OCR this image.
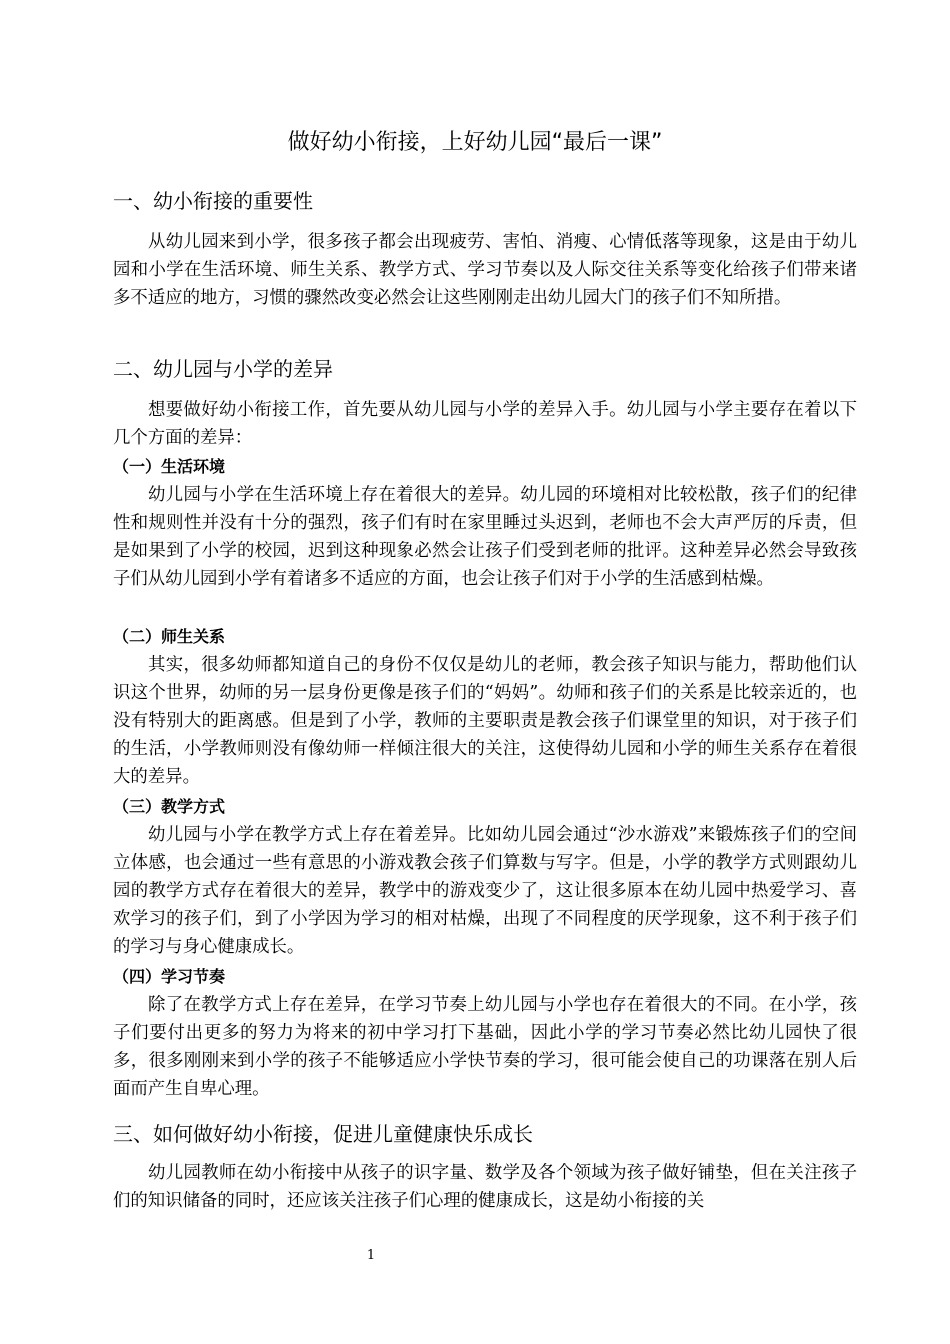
做好幼小衔接，上好幼儿园“最后一课”
一、幼小衔接的重要性

从幼儿园来到小学，很多孩子都会出现疲劳、害怕、消瘦、心情低落等现象，这是由于幼儿园和小学在生活环境、师生关系、教学方式、学习节奏以及人际交往关系等变化给孩子们带来诸多不适应的地方，习惯的骤然改变必然会让这些刚刚走出幼儿园大门的孩子们不知所措。

二、幼儿园与小学的差异

想要做好幼小衔接工作，首先要从幼儿园与小学的差异入手。幼儿园与小学主要存在着以下几个方面的差异：

（一）生活环境

幼儿园与小学在生活环境上存在着很大的差异。幼儿园的环境相对比较松散，孩子们的纪律性和规则性并没有十分的强烈，孩子们有时在家里睡过头迟到，老师也不会大声严厉的斥责，但是如果到了小学的校园，迟到这种现象必然会让孩子们受到老师的批评。这种差异必然会导致孩子们从幼儿园到小学有着诸多不适应的方面，也会让孩子们对于小学的生活感到枯燥。

（二）师生关系

其实，很多幼师都知道自己的身份不仅仅是幼儿的老师，教会孩子知识与能力，帮助他们认识这个世界，幼师的另一层身份更像是孩子们的“妈妈”。幼师和孩子们的关系是比较亲近的，也没有特别大的距离感。但是到了小学，教师的主要职责是教会孩子们课堂里的知识，对于孩子们的生活，小学教师则没有像幼师一样倾注很大的关注，这使得幼儿园和小学的师生关系存在着很大的差异。

（三）教学方式

幼儿园与小学在教学方式上存在着差异。比如幼儿园会通过“沙水游戏”来锻炼孩子们的空间立体感，也会通过一些有意思的小游戏教会孩子们算数与写字。但是，小学的教学方式则跟幼儿园的教学方式存在着很大的差异，教学中的游戏变少了，这让很多原本在幼儿园中热爱学习、喜欢学习的孩子们，到了小学因为学习的相对枯燥，出现了不同程度的厌学现象，这不利于孩子们的学习与身心健康成长。

（四）学习节奏

除了在教学方式上存在差异，在学习节奏上幼儿园与小学也存在着很大的不同。在小学，孩子们要付出更多的努力为将来的初中学习打下基础，因此小学的学习节奏必然比幼儿园快了很多，很多刚刚来到小学的孩子不能够适应小学快节奏的学习，很可能会使自己的功课落在别人后面而产生自卑心理。

三、如何做好幼小衔接，促进儿童健康快乐成长

幼儿园教师在幼小衔接中从孩子的识字量、数学及各个领域为孩子做好铺垫，但在关注孩子们的知识储备的同时，还应该关注孩子们心理的健康成长，这是幼小衔接的关

1
